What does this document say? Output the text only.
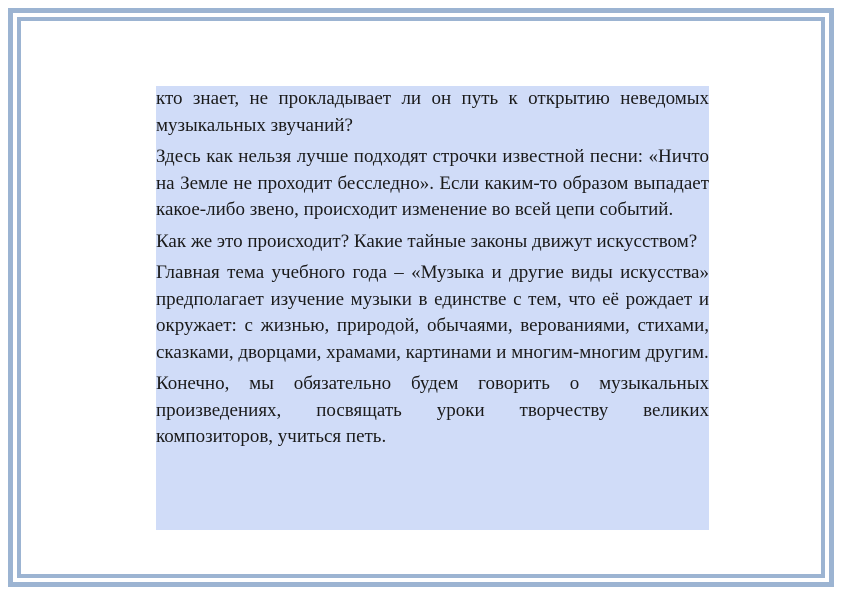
кто знает, не прокладывает ли он путь к открытию неведомых музыкальных звучаний?

Здесь как нельзя лучше подходят строчки известной песни: «Ничто на Земле не проходит бесследно». Если каким-то образом выпадает какое-либо звено, происходит изменение во всей цепи событий.

Как же это происходит? Какие тайные законы движут искусством?

Главная тема учебного года – «Музыка и другие виды искусства» предполагает изучение музыки в единстве с тем, что её рождает и окружает: с жизнью, природой, обычаями, верованиями, стихами, сказками, дворцами, храмами, картинами и многим-многим другим.

Конечно, мы обязательно будем говорить о музыкальных произведениях, посвящать уроки творчеству великих композиторов, учиться петь.
